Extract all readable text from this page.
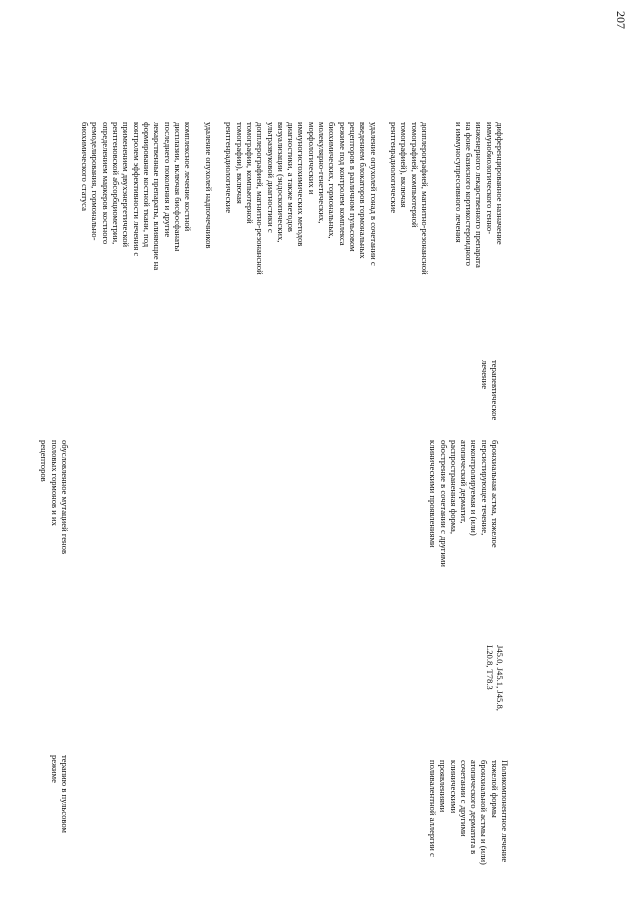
207
терапию в пульсовом
режиме
обусловленное мутацией генов
половых гормонов и их
рецепторов
допплерографией, магнитно-резонансной
томографией, компьютерной
томографией), включая
рентгенрадиологические

удаление опухолей гонад в сочетании с
введением блокаторов гормональных
рецепторов в различном пульсовом
режиме под контролем комплекса
биохимических, гормональных,
молекулярно-генетических,
морфологических и
иммуногистохимических методов
диагностики, а также методов
визуализации (эндоскопических,
ультразвуковой диагностики с
допплерографией, магнитно-резонансной
томографии, компьютерной
томографии), включая
рентгенрадиологические

удаление опухолей надпочечников

комплексное лечение костной
дисплазии, включая бисфосфанаты
последнего поколения и другие
лекарственные препараты, влияющие на
формирование костной ткани, под
контролем эффективности лечения с
применением двухэнергетической
рентгеновской абсорбциометрии,
определением маркеров костного
ремоделирования, гормонально-
биохимического статуса
Поликомпонентное лечение
тяжелой формы
бронхиальной астмы и (или)
атопического дерматита в
сочетании с другими
клиническими
проявлениями
поливалентной аллергии с
J45.0, J45.1, J45.8,
L20.8, T78.3
бронхиальная астма, тяжелое
персистирующее течение,
неконтролируемая и (или)
атопический дерматит,
распространенная форма,
обострение в сочетании с другими
клиническими проявлениями
терапевтическое
лечение
дифференцированное назначение
иммунобиологического генно-
инженерного лекарственного препарата
на фоне базисного кортикостероидного
и иммуносупрессивного лечения
